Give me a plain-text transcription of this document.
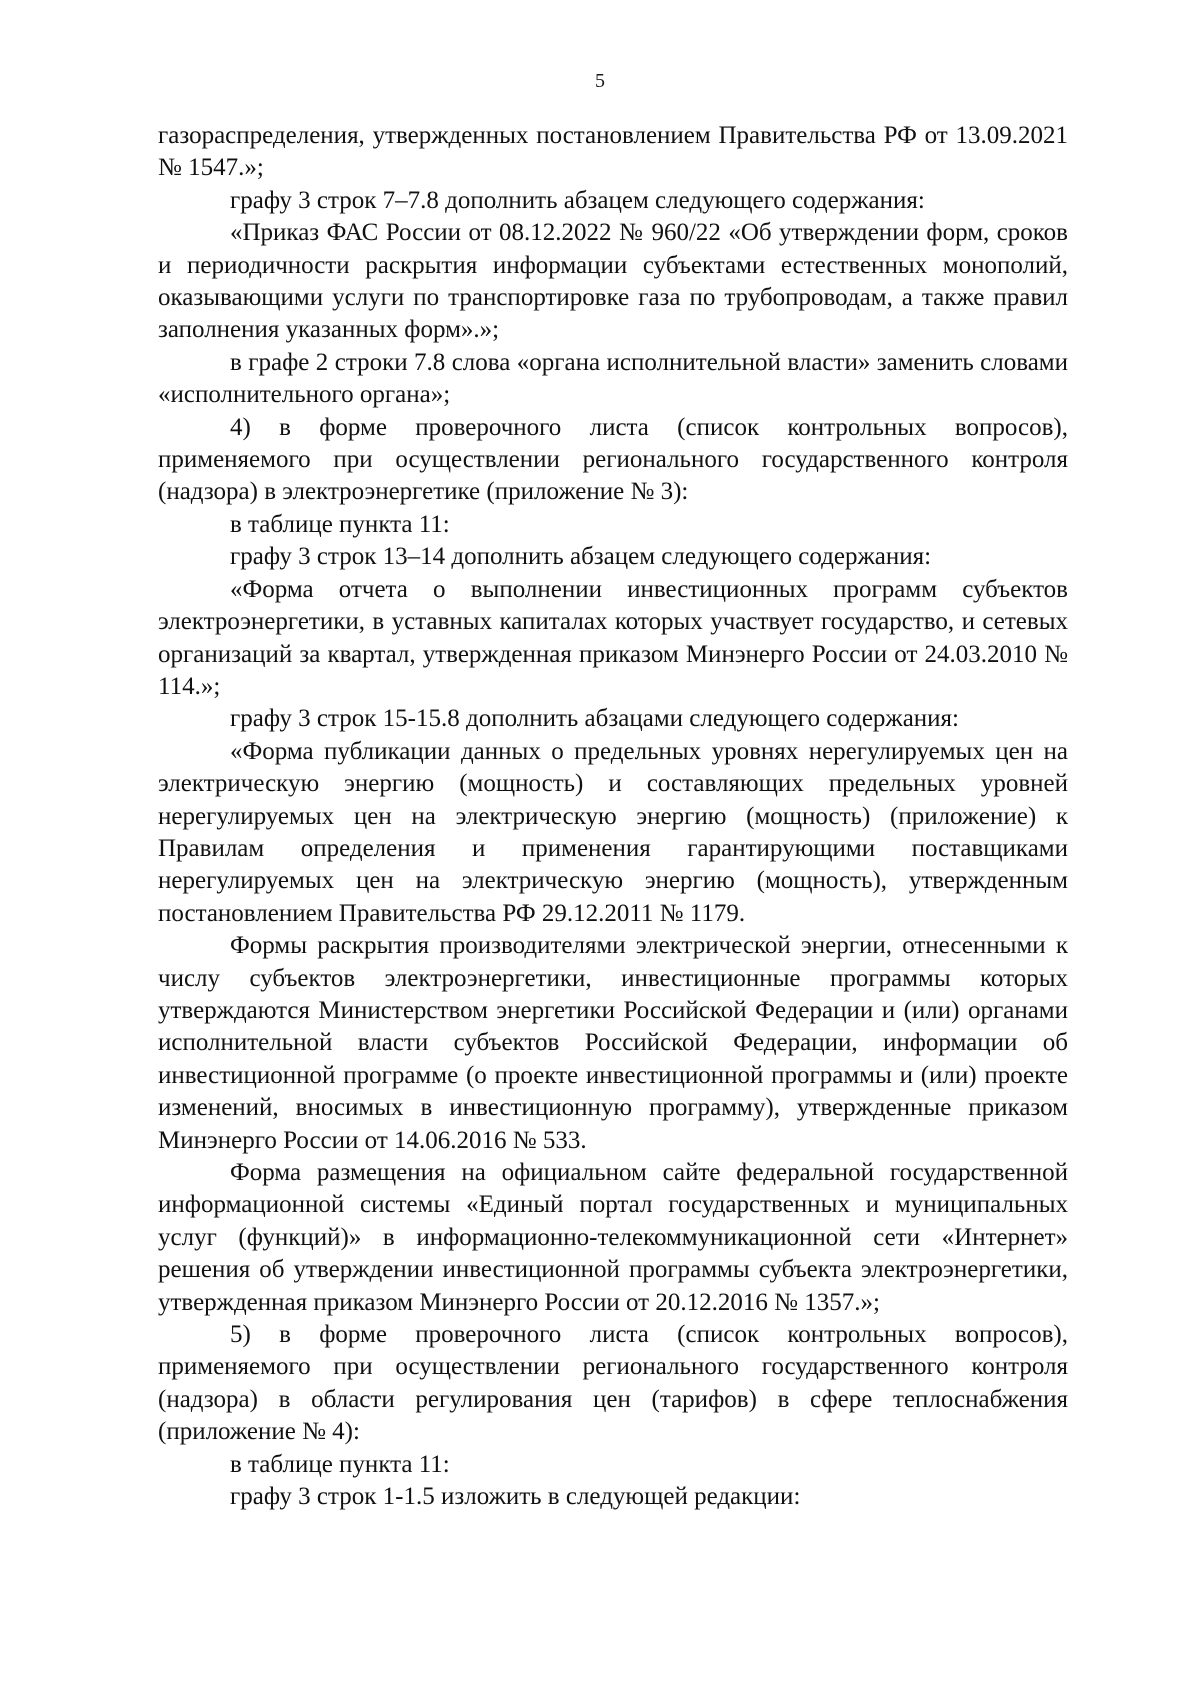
5

газораспределения, утвержденных постановлением Правительства РФ от 13.09.2021 № 1547.»;

графу 3 строк 7–7.8 дополнить абзацем следующего содержания:

«Приказ ФАС России от 08.12.2022 № 960/22 «Об утверждении форм, сроков и периодичности раскрытия информации субъектами естественных монополий, оказывающими услуги по транспортировке газа по трубопроводам, а также правил заполнения указанных форм».»;

в графе 2 строки 7.8 слова «органа исполнительной власти» заменить словами «исполнительного органа»;

4) в форме проверочного листа (список контрольных вопросов), применяемого при осуществлении регионального государственного контроля (надзора) в электроэнергетике (приложение № 3):

в таблице пункта 11:

графу 3 строк 13–14 дополнить абзацем следующего содержания:

«Форма отчета о выполнении инвестиционных программ субъектов электроэнергетики, в уставных капиталах которых участвует государство, и сетевых организаций за квартал, утвержденная приказом Минэнерго России от 24.03.2010 № 114.»;

графу 3 строк 15-15.8 дополнить абзацами следующего содержания:

«Форма публикации данных о предельных уровнях нерегулируемых цен на электрическую энергию (мощность) и составляющих предельных уровней нерегулируемых цен на электрическую энергию (мощность) (приложение) к Правилам определения и применения гарантирующими поставщиками нерегулируемых цен на электрическую энергию (мощность), утвержденным постановлением Правительства РФ 29.12.2011 № 1179.

Формы раскрытия производителями электрической энергии, отнесенными к числу субъектов электроэнергетики, инвестиционные программы которых утверждаются Министерством энергетики Российской Федерации и (или) органами исполнительной власти субъектов Российской Федерации, информации об инвестиционной программе (о проекте инвестиционной программы и (или) проекте изменений, вносимых в инвестиционную программу), утвержденные приказом Минэнерго России от 14.06.2016 № 533.

Форма размещения на официальном сайте федеральной государственной информационной системы «Единый портал государственных и муниципальных услуг (функций)» в информационно-телекоммуникационной сети «Интернет» решения об утверждении инвестиционной программы субъекта электроэнергетики, утвержденная приказом Минэнерго России от 20.12.2016 № 1357.»;

5) в форме проверочного листа (список контрольных вопросов), применяемого при осуществлении регионального государственного контроля (надзора) в области регулирования цен (тарифов) в сфере теплоснабжения (приложение № 4):

в таблице пункта 11:

графу 3 строк 1-1.5 изложить в следующей редакции:
